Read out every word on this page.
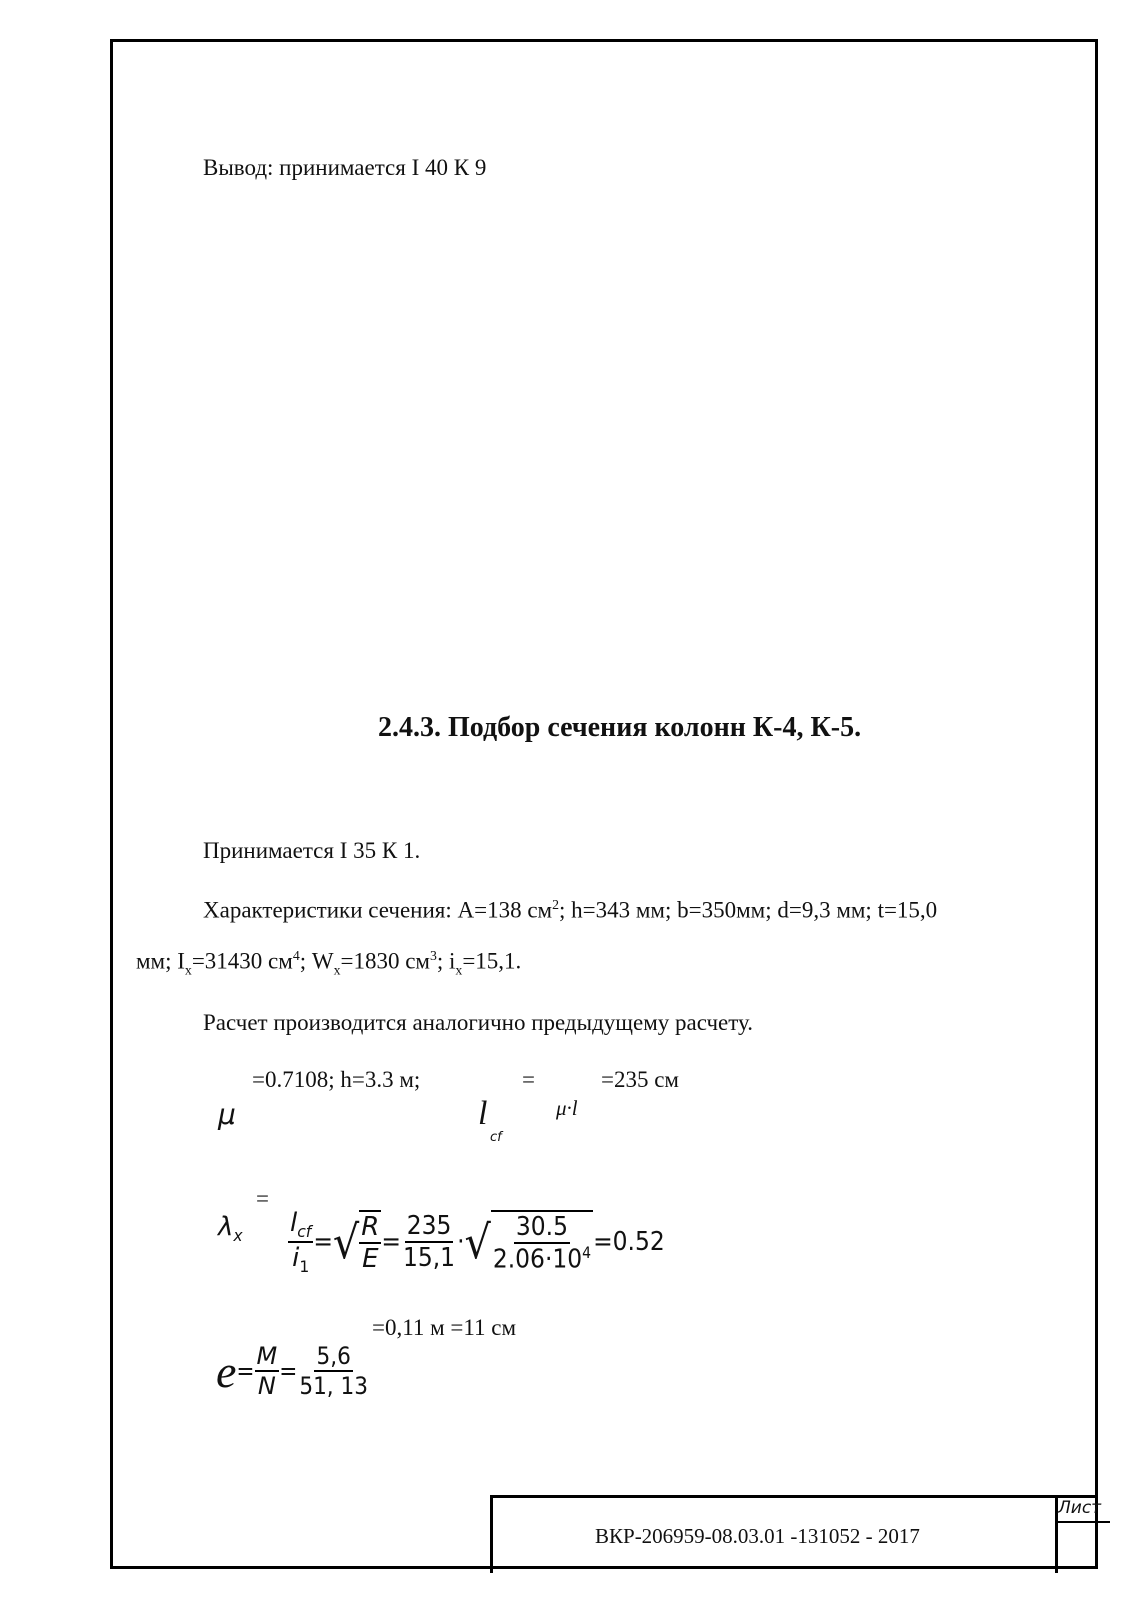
Вывод: принимается I 40 К 9
2.4.3. Подбор сечения колонн К-4, К-5.
Принимается I 35 К 1.
Характеристики сечения: А=138 $см^2$; h=343 мм; b=350мм; d=9,3 мм; t=15,0
мм; $I_x=31430$ $см^4$; $W_x=1830$ $см^3$; $i_x=15,1$.
Расчет производится аналогично предыдущему расчету.
μ
=0.7108; h=3.3 м;
l
cf
=
μ·l
=235 см
=
$\lambda_x \frac{l_{cf}}{i_1}$ = √ $\frac{R}{E} = \frac{235}{15,1}$ · √ $\frac{30.5}{2.06\cdot 10^4} =0.52$
=0,11 м =11 см
$e = \frac{M}{N} = \frac{5,6}{51, 13}$
ВКР-206959-08.03.01 -131052 - 2017
Лист
